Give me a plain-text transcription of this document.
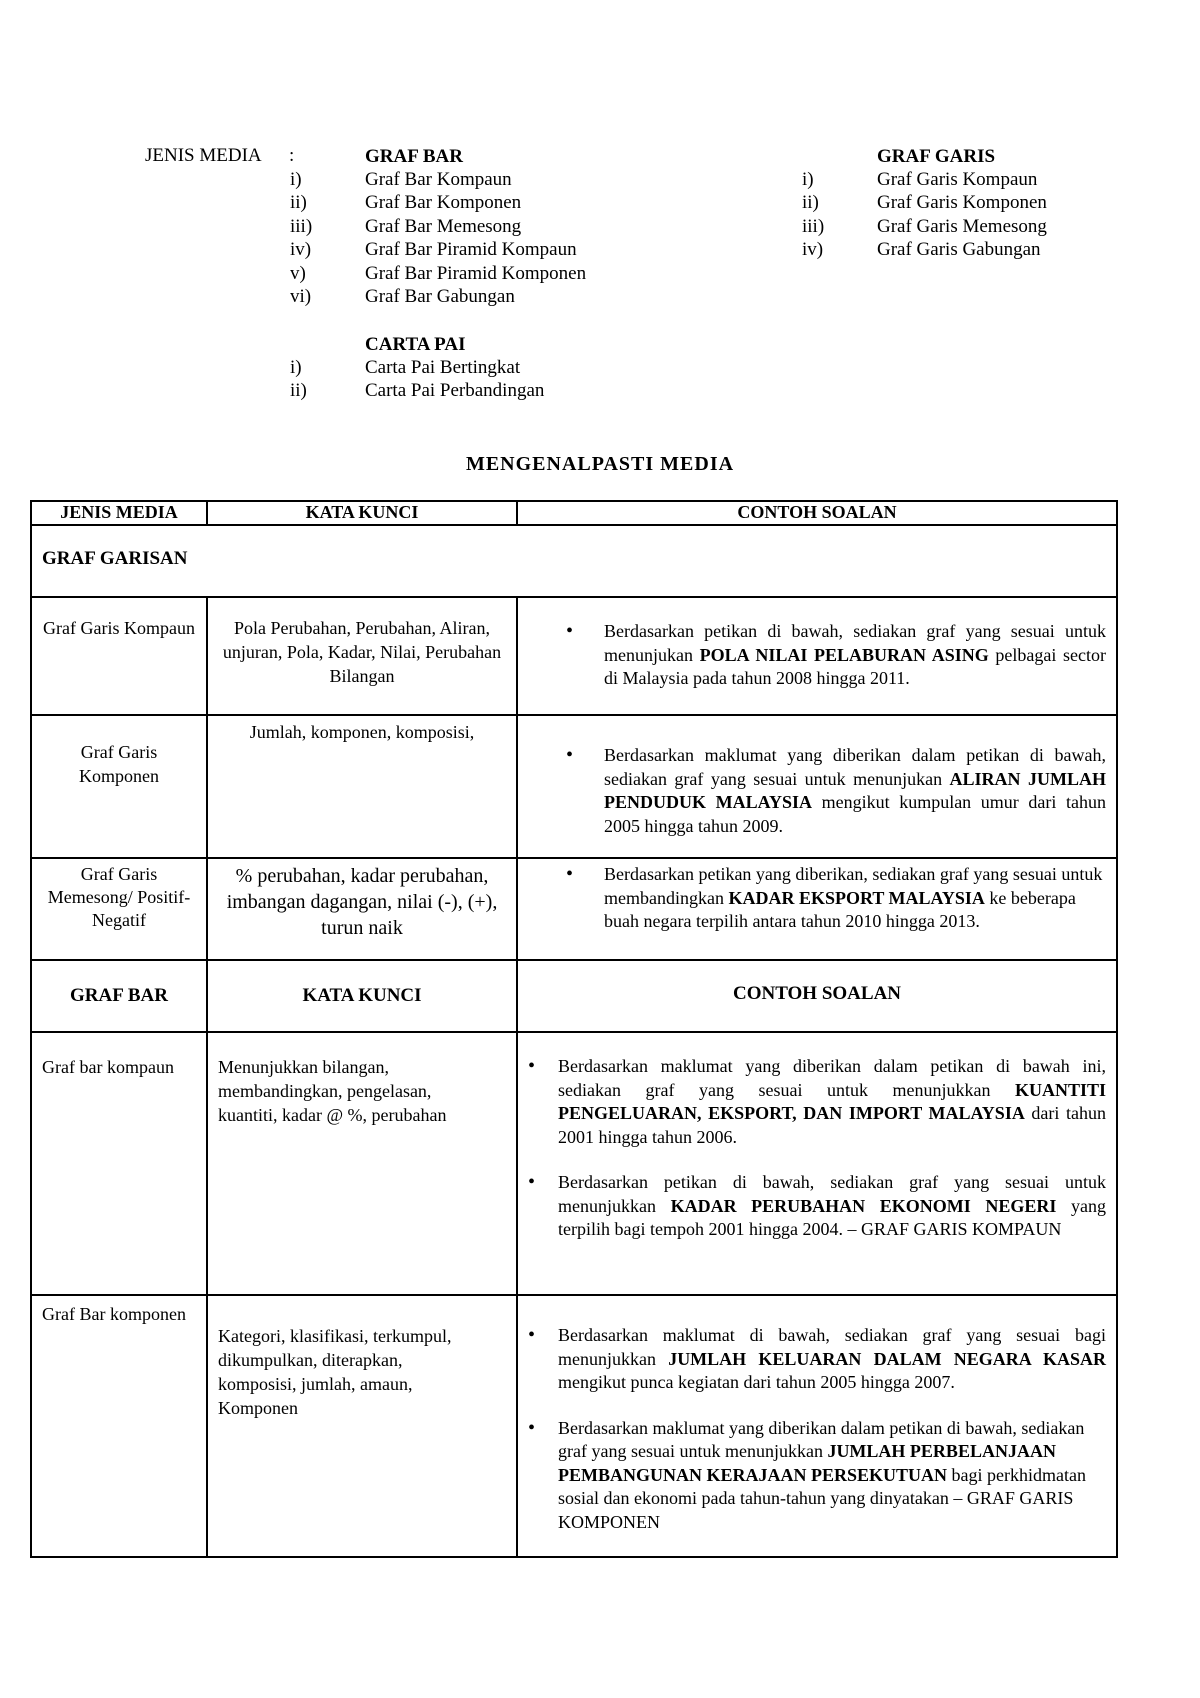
JENIS MEDIA :	GRAF BAR
i)	Graf Bar Kompaun
ii)	Graf Bar Komponen
iii)	Graf Bar Memesong
iv)	Graf Bar Piramid Kompaun
v)	Graf Bar Piramid Komponen
vi)	Graf Bar Gabungan
CARTA PAI
i)	Carta Pai Bertingkat
ii)	Carta Pai Perbandingan
GRAF GARIS
i)	Graf Garis Kompaun
ii)	Graf Garis Komponen
iii)	Graf Garis Memesong
iv)	Graf Garis Gabungan
MENGENALPASTI MEDIA
JENIS MEDIA	KATA KUNCI	CONTOH SOALAN
GRAF GARISAN		
Graf Garis Kompaun	Pola Perubahan, Perubahan, Aliran, unjuran, Pola, Kadar, Nilai, Perubahan Bilangan	• Berdasarkan petikan di bawah, sediakan graf yang sesuai untuk menunjukan POLA NILAI PELABURAN ASING pelbagai sector di Malaysia pada tahun 2008 hingga 2011.

Graf Garis Komponen	Jumlah, komponen, komposisi,	• Berdasarkan maklumat yang diberikan dalam petikan di bawah, sediakan graf yang sesuai untuk menunjukan ALIRAN JUMLAH PENDUDUK MALAYSIA mengikut kumpulan umur dari tahun 2005 hingga tahun 2009.

Graf Garis Memesong/ Positif-Negatif	% perubahan, kadar perubahan, imbangan dagangan, nilai (-), (+), turun naik	• Berdasarkan petikan yang diberikan, sediakan graf yang sesuai untuk membandingkan KADAR EKSPORT MALAYSIA ke beberapa buah negara terpilih antara tahun 2010 hingga 2013.

GRAF BAR	KATA KUNCI	CONTOH SOALAN
Graf bar kompaun	Menunjukkan bilangan, membandingkan, pengelasan, kuantiti, kadar @ %, perubahan	• Berdasarkan maklumat yang diberikan dalam petikan di bawah ini, sediakan graf yang sesuai untuk menunjukkan KUANTITI PENGELUARAN, EKSPORT, DAN IMPORT MALAYSIA dari tahun 2001 hingga tahun 2006.
• Berdasarkan petikan di bawah, sediakan graf yang sesuai untuk menunjukkan KADAR PERUBAHAN EKONOMI NEGERI yang terpilih bagi tempoh 2001 hingga 2004. – GRAF GARIS KOMPAUN

Graf Bar komponen	Kategori, klasifikasi, terkumpul, dikumpulkan, diterapkan, komposisi, jumlah, amaun, Komponen	• Berdasarkan maklumat di bawah, sediakan graf yang sesuai bagi menunjukkan JUMLAH KELUARAN DALAM NEGARA KASAR mengikut punca kegiatan dari tahun 2005 hingga 2007.
• Berdasarkan maklumat yang diberikan dalam petikan di bawah, sediakan graf yang sesuai untuk menunjukkan JUMLAH PERBELANJAAN PEMBANGUNAN KERAJAAN PERSEKUTUAN bagi perkhidmatan sosial dan ekonomi pada tahun-tahun yang dinyatakan – GRAF GARIS KOMPONEN
